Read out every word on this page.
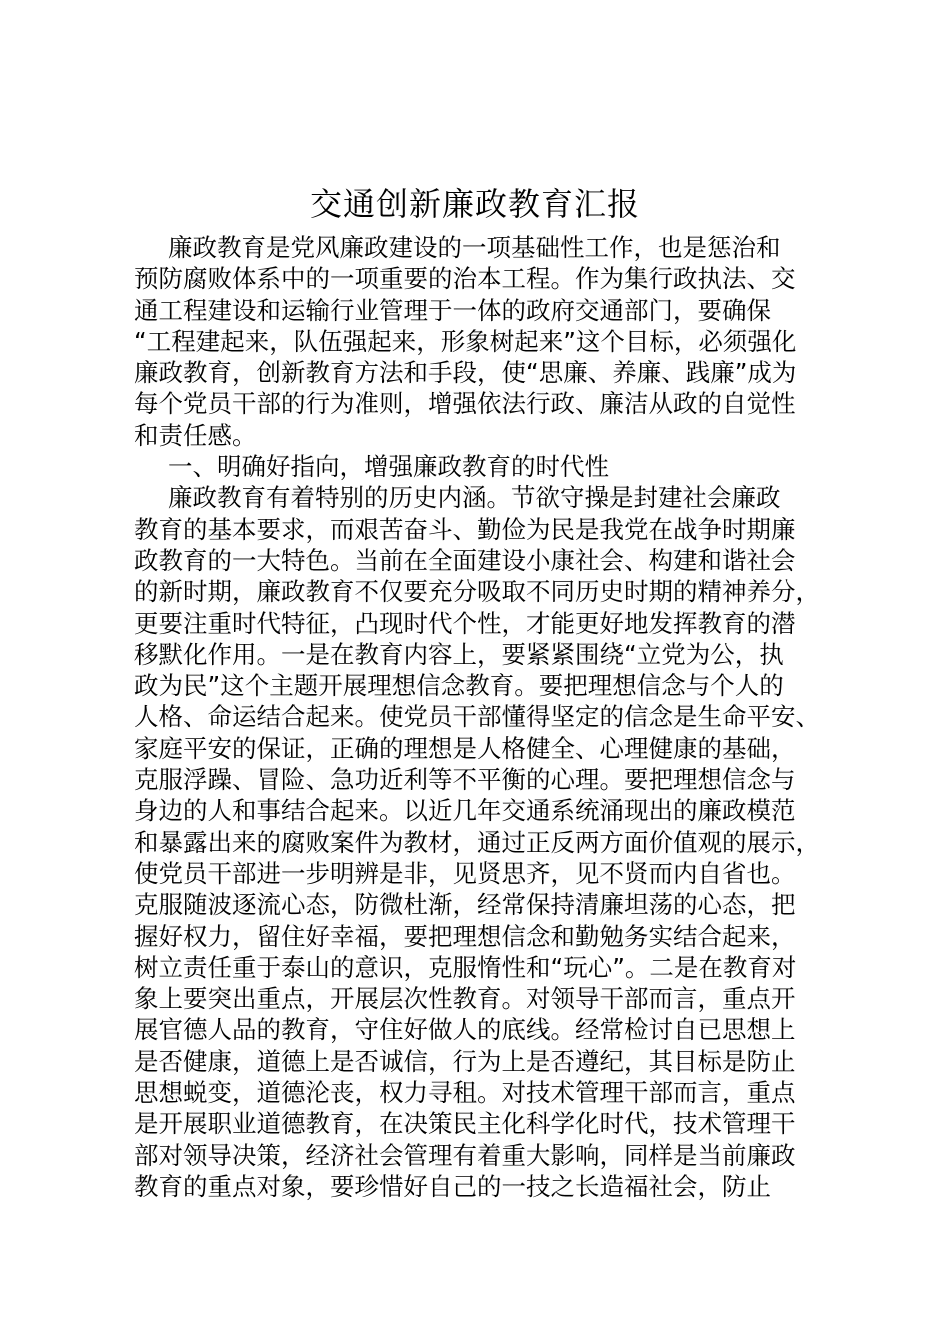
交通创新廉政教育汇报
廉政教育是党风廉政建设的一项基础性工作，也是惩治和
预防腐败体系中的一项重要的治本工程。作为集行政执法、交
通工程建设和运输行业管理于一体的政府交通部门，要确保
“工程建起来，队伍强起来，形象树起来”这个目标，必须强化
廉政教育，创新教育方法和手段，使“思廉、养廉、践廉”成为
每个党员干部的行为准则，增强依法行政、廉洁从政的自觉性
和责任感。
一、明确好指向，增强廉政教育的时代性
廉政教育有着特别的历史内涵。节欲守操是封建社会廉政
教育的基本要求，而艰苦奋斗、勤俭为民是我党在战争时期廉
政教育的一大特色。当前在全面建设小康社会、构建和谐社会
的新时期，廉政教育不仅要充分吸取不同历史时期的精神养分，
更要注重时代特征，凸现时代个性，才能更好地发挥教育的潜
移默化作用。一是在教育内容上，要紧紧围绕“立党为公，执
政为民”这个主题开展理想信念教育。要把理想信念与个人的
人格、命运结合起来。使党员干部懂得坚定的信念是生命平安、
家庭平安的保证，正确的理想是人格健全、心理健康的基础，
克服浮躁、冒险、急功近利等不平衡的心理。要把理想信念与
身边的人和事结合起来。以近几年交通系统涌现出的廉政模范
和暴露出来的腐败案件为教材，通过正反两方面价值观的展示，
使党员干部进一步明辨是非，见贤思齐，见不贤而内自省也。
克服随波逐流心态，防微杜渐，经常保持清廉坦荡的心态，把
握好权力，留住好幸福，要把理想信念和勤勉务实结合起来，
树立责任重于泰山的意识，克服惰性和“玩心”。二是在教育对
象上要突出重点，开展层次性教育。对领导干部而言，重点开
展官德人品的教育，守住好做人的底线。经常检讨自已思想上
是否健康，道德上是否诚信，行为上是否遵纪，其目标是防止
思想蜕变，道德沦丧，权力寻租。对技术管理干部而言，重点
是开展职业道德教育，在决策民主化科学化时代，技术管理干
部对领导决策，经济社会管理有着重大影响，同样是当前廉政
教育的重点对象，要珍惜好自己的一技之长造福社会，防止
